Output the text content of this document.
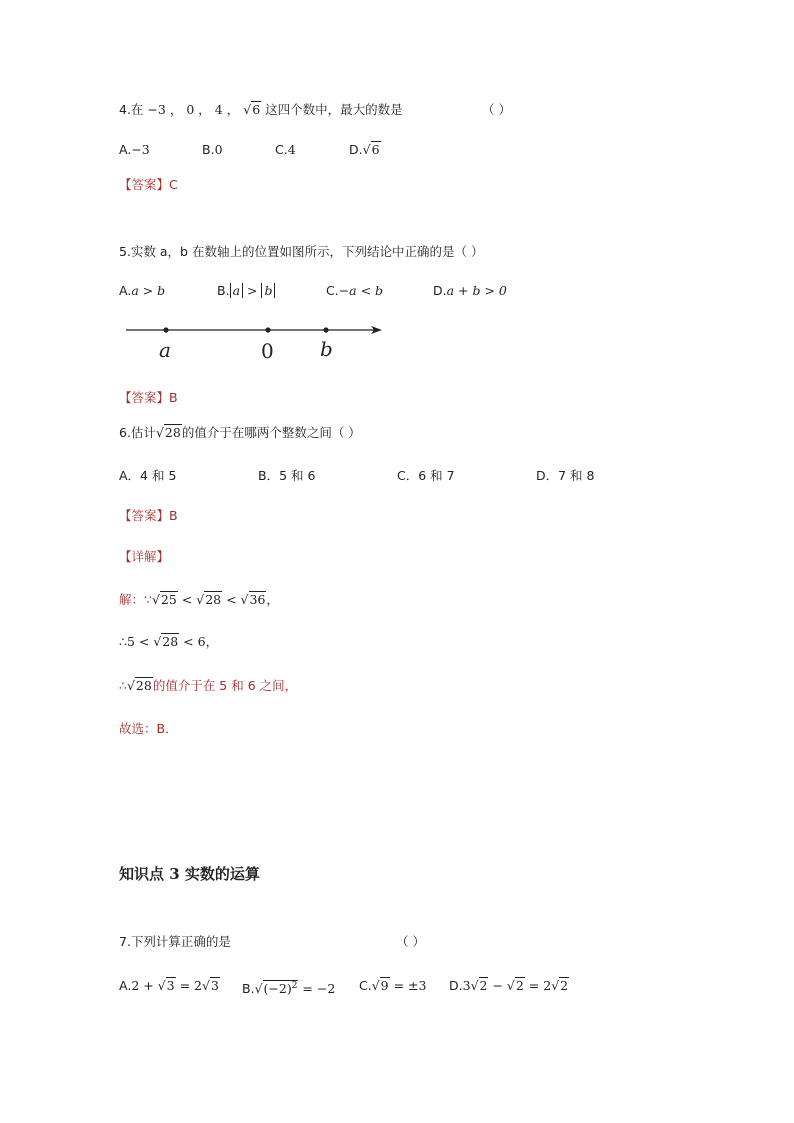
4.在 −3 ， 0 ， 4 ， √6 这四个数中，最大的数是	（ ）
A.−3	B.0	C.4	D.√6
【答案】C
5.实数 a，b 在数轴上的位置如图所示，下列结论中正确的是（ ）
A.a > b	B. a > b	C.−a < b	D.a + b > 0
a	0 b
【答案】B
6.估计√28的值介于在哪两个整数之间（ ）
A．4 和 5	B．5 和 6	C．6 和 7	D．7 和 8
【答案】B
【详解】
解：∵√25 < √28 < √36，
∴5 < √28 < 6，
∴√28的值介于在 5 和 6 之间，
故选：B．
知识点 3 实数的运算
7.下列计算正确的是	（ ）
A.2 + √3 = 2√3 $B.√(-2)^2 = -2$ C.√9 = ±3 D.3√2 − √2 = 2√2
